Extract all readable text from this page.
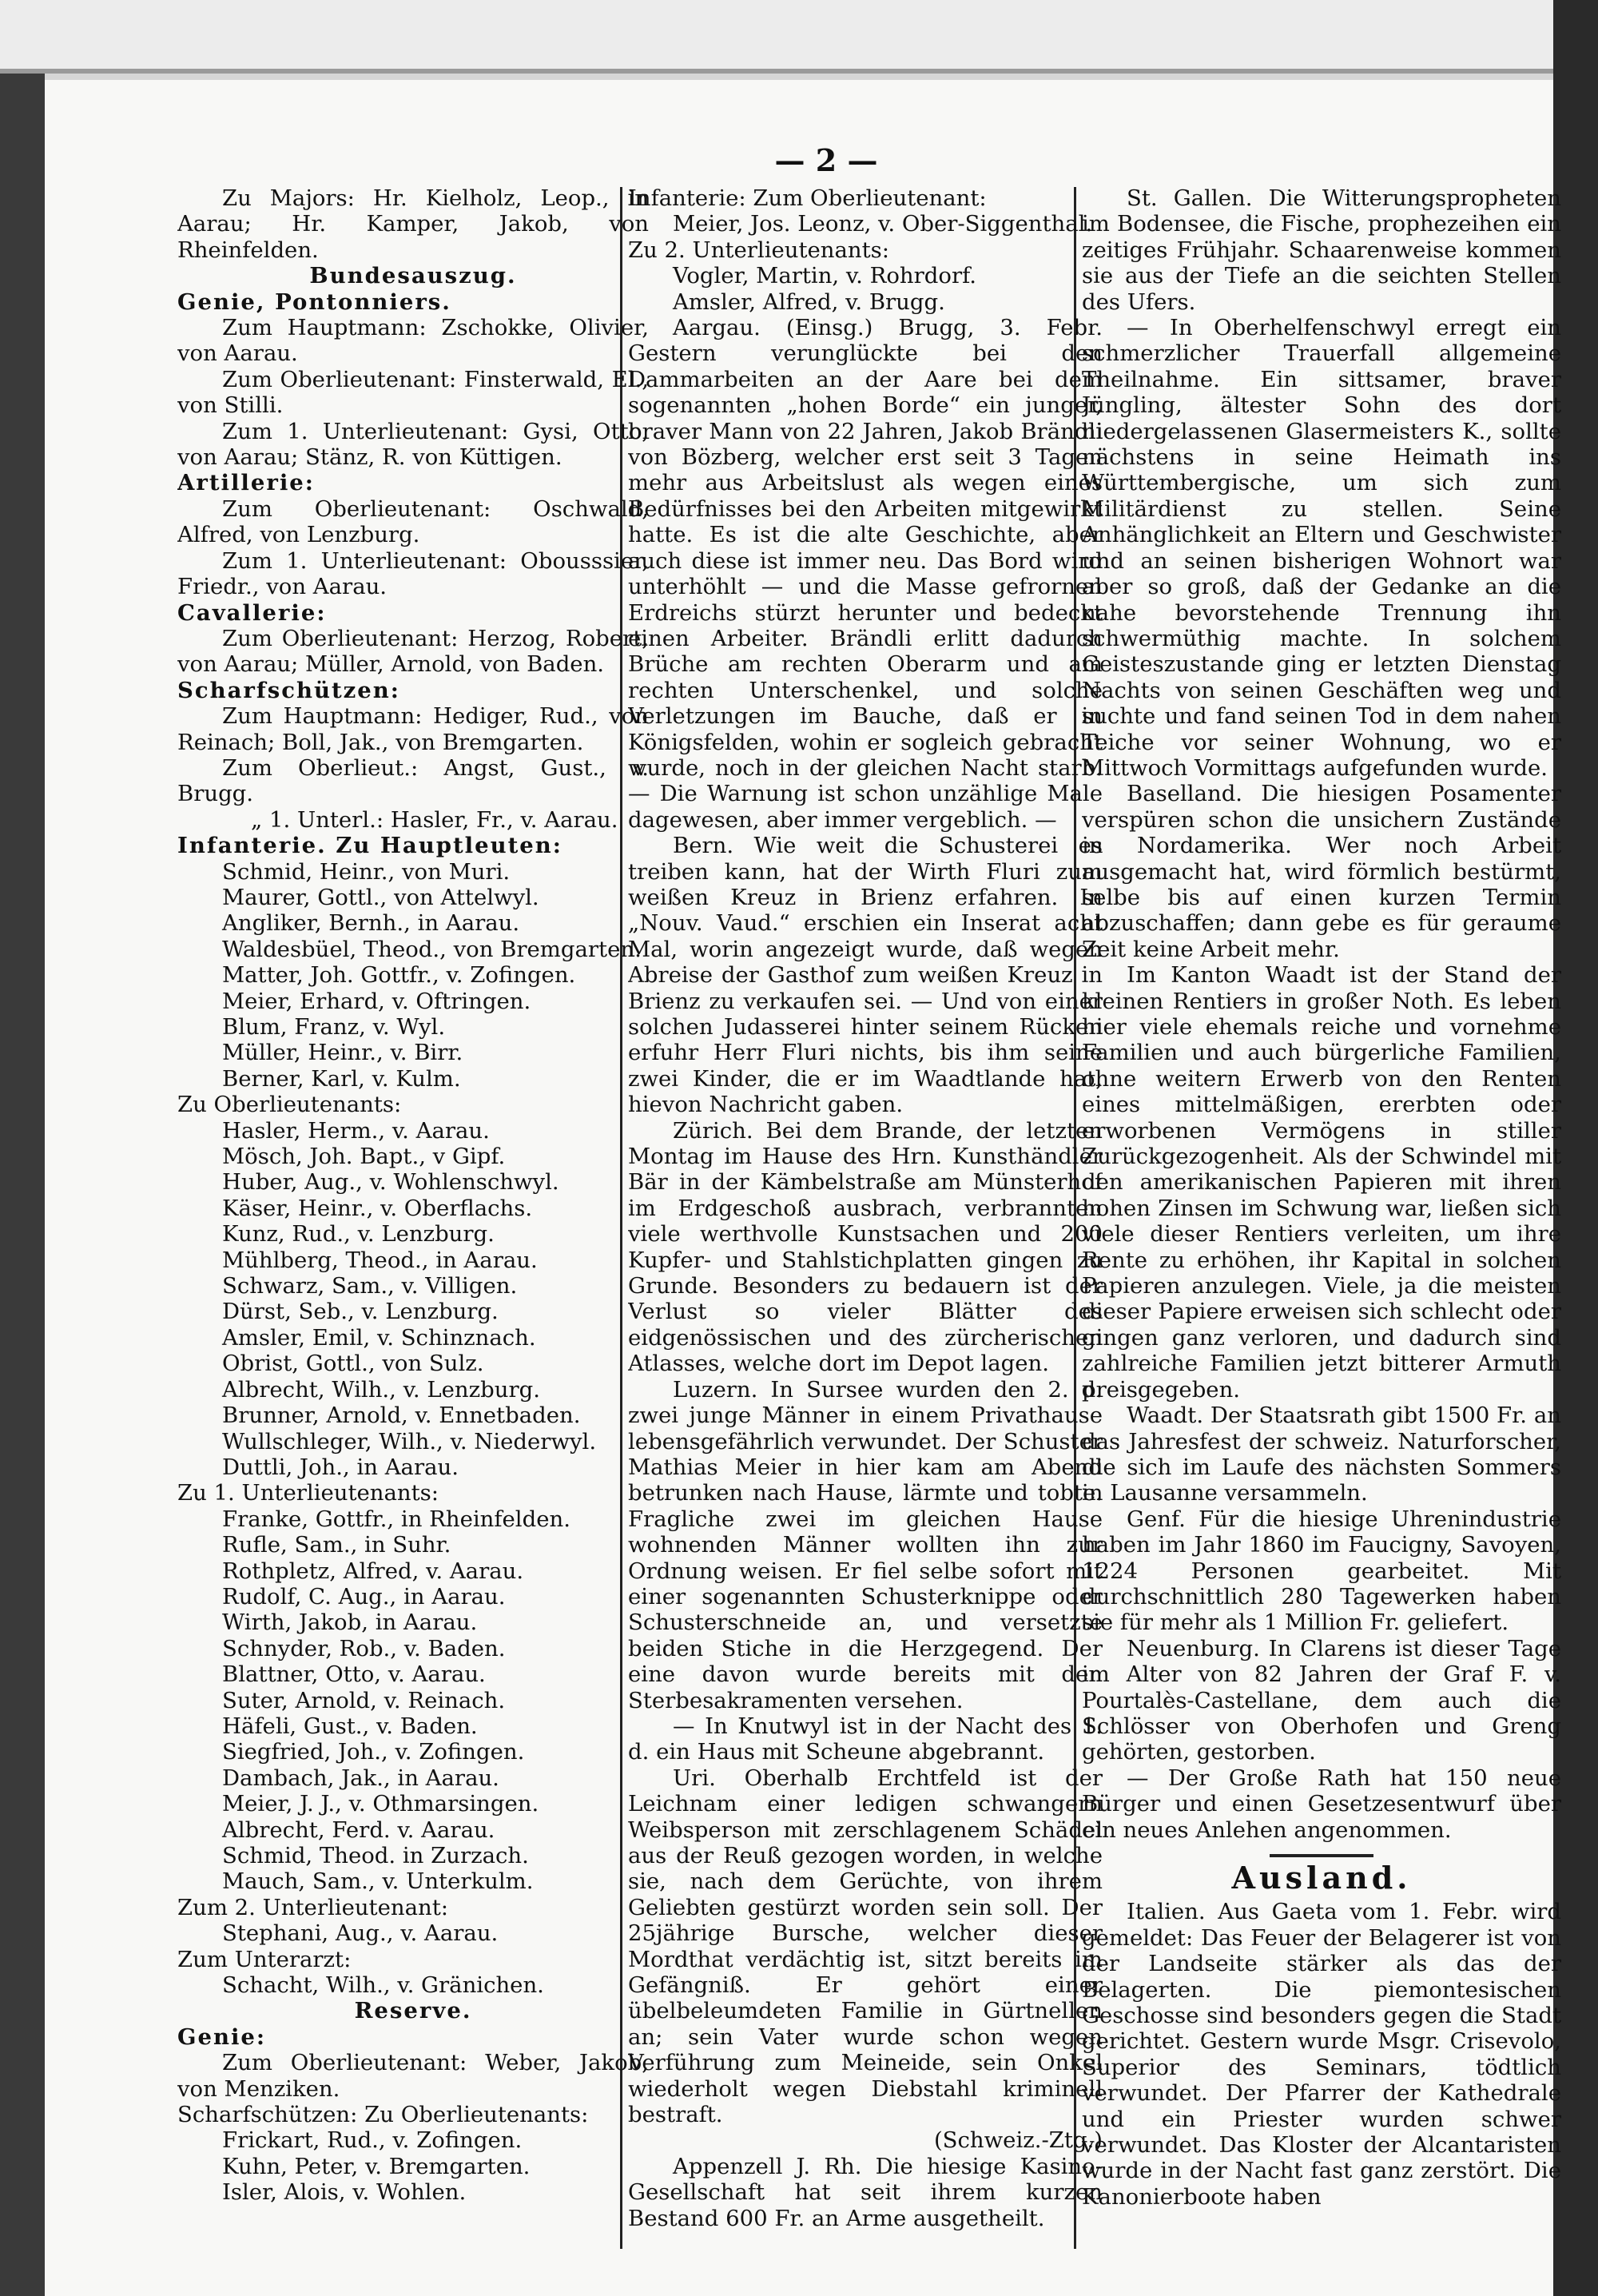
— 2 —

Zu Majors: Hr. Kielholz, Leop., in Aarau; Hr. Kamper, Jakob, von Rheinfelden.

Bundesauszug.

Genie, Pontonniers.

Zum Hauptmann: Zschokke, Olivier, von Aarau.

Zum Oberlieutenant: Finsterwald, El., von Stilli.

Zum 1. Unterlieutenant: Gysi, Otto, von Aarau; Stänz, R. von Küttigen.

Artillerie:

Zum Oberlieutenant: Oschwald, Alfred, von Lenzburg.

Zum 1. Unterlieutenant: Obousssier, Friedr., von Aarau.

Cavallerie:

Zum Oberlieutenant: Herzog, Robert, von Aarau; Müller, Arnold, von Baden.

Scharfschützen:

Zum Hauptmann: Hediger, Rud., von Reinach; Boll, Jak., von Bremgarten.

Zum Oberlieut.: Angst, Gust., v. Brugg.

„ 1. Unterl.: Hasler, Fr., v. Aarau.

Infanterie. Zu Hauptleuten:

Schmid, Heinr., von Muri.

Maurer, Gottl., von Attelwyl.

Angliker, Bernh., in Aarau.

Waldesbüel, Theod., von Bremgarten.

Matter, Joh. Gottfr., v. Zofingen.

Meier, Erhard, v. Oftringen.

Blum, Franz, v. Wyl.

Müller, Heinr., v. Birr.

Berner, Karl, v. Kulm.

Zu Oberlieutenants:

Hasler, Herm., v. Aarau.

Mösch, Joh. Bapt., v Gipf.

Huber, Aug., v. Wohlenschwyl.

Käser, Heinr., v. Oberflachs.

Kunz, Rud., v. Lenzburg.

Mühlberg, Theod., in Aarau.

Schwarz, Sam., v. Villigen.

Dürst, Seb., v. Lenzburg.

Amsler, Emil, v. Schinznach.

Obrist, Gottl., von Sulz.

Albrecht, Wilh., v. Lenzburg.

Brunner, Arnold, v. Ennetbaden.

Wullschleger, Wilh., v. Niederwyl.

Duttli, Joh., in Aarau.

Zu 1. Unterlieutenants:

Franke, Gottfr., in Rheinfelden.

Rufle, Sam., in Suhr.

Rothpletz, Alfred, v. Aarau.

Rudolf, C. Aug., in Aarau.

Wirth, Jakob, in Aarau.

Schnyder, Rob., v. Baden.

Blattner, Otto, v. Aarau.

Suter, Arnold, v. Reinach.

Häfeli, Gust., v. Baden.

Siegfried, Joh., v. Zofingen.

Dambach, Jak., in Aarau.

Meier, J. J., v. Othmarsingen.

Albrecht, Ferd. v. Aarau.

Schmid, Theod. in Zurzach.

Mauch, Sam., v. Unterkulm.

Zum 2. Unterlieutenant:

Stephani, Aug., v. Aarau.

Zum Unterarzt:

Schacht, Wilh., v. Gränichen.

Reserve.

Genie:

Zum Oberlieutenant: Weber, Jakob, von Menziken.

Scharfschützen: Zu Oberlieutenants:

Frickart, Rud., v. Zofingen.

Kuhn, Peter, v. Bremgarten.

Isler, Alois, v. Wohlen.

Infanterie: Zum Oberlieutenant:

Meier, Jos. Leonz, v. Ober-Siggenthal.

Zu 2. Unterlieutenants:

Vogler, Martin, v. Rohrdorf.

Amsler, Alfred, v. Brugg.

Aargau. (Einsg.) Brugg, 3. Febr. Gestern verunglückte bei den Dammarbeiten an der Aare bei dem sogenannten „hohen Borde“ ein junger, braver Mann von 22 Jahren, Jakob Brändli von Bözberg, welcher erst seit 3 Tagen mehr aus Arbeitslust als wegen eines Bedürfnisses bei den Arbeiten mitgewirkt hatte. Es ist die alte Geschichte, aber auch diese ist immer neu. Das Bord wird unterhöhlt — und die Masse gefrornen Erdreichs stürzt herunter und bedeckt einen Arbeiter. Brändli erlitt dadurch Brüche am rechten Oberarm und am rechten Unterschenkel, und solche Verletzungen im Bauche, daß er in Königsfelden, wohin er sogleich gebracht wurde, noch in der gleichen Nacht starb. — Die Warnung ist schon unzählige Male dagewesen, aber immer vergeblich. —

Bern. Wie weit die Schusterei es treiben kann, hat der Wirth Fluri zum weißen Kreuz in Brienz erfahren. In „Nouv. Vaud.“ erschien ein Inserat acht Mal, worin angezeigt wurde, daß wegen Abreise der Gasthof zum weißen Kreuz in Brienz zu verkaufen sei. — Und von einer solchen Judasserei hinter seinem Rücken erfuhr Herr Fluri nichts, bis ihm seine zwei Kinder, die er im Waadtlande hat, hievon Nachricht gaben.

Zürich. Bei dem Brande, der letzten Montag im Hause des Hrn. Kunsthändler Bär in der Kämbelstraße am Münsterhof im Erdgeschoß ausbrach, verbrannten viele werthvolle Kunstsachen und 200 Kupfer- und Stahlstichplatten gingen zu Grunde. Besonders zu bedauern ist der Verlust so vieler Blätter des eidgenössischen und des zürcherischen Atlasses, welche dort im Depot lagen.

Luzern. In Sursee wurden den 2. d. zwei junge Männer in einem Privathause lebensgefährlich verwundet. Der Schuster Mathias Meier in hier kam am Abend betrunken nach Hause, lärmte und tobte. Fragliche zwei im gleichen Hause wohnenden Männer wollten ihn zur Ordnung weisen. Er fiel selbe sofort mit einer sogenannten Schusterknippe oder Schusterschneide an, und versetzte beiden Stiche in die Herzgegend. Der eine davon wurde bereits mit den Sterbesakramenten versehen.

— In Knutwyl ist in der Nacht des 1. d. ein Haus mit Scheune abgebrannt.

Uri. Oberhalb Erchtfeld ist der Leichnam einer ledigen schwangern Weibsperson mit zerschlagenem Schädel aus der Reuß gezogen worden, in welche sie, nach dem Gerüchte, von ihrem Geliebten gestürzt worden sein soll. Der 25jährige Bursche, welcher dieser Mordthat verdächtig ist, sitzt bereits im Gefängniß. Er gehört einer übelbeleumdeten Familie in Gürtnellen an; sein Vater wurde schon wegen Verführung zum Meineide, sein Onkel wiederholt wegen Diebstahl kriminell bestraft.

(Schweiz.-Ztg.)

Appenzell J. Rh. Die hiesige Kasino-Gesellschaft hat seit ihrem kurzen Bestand 600 Fr. an Arme ausgetheilt.

St. Gallen. Die Witterungspropheten im Bodensee, die Fische, prophezeihen ein zeitiges Frühjahr. Schaarenweise kommen sie aus der Tiefe an die seichten Stellen des Ufers.

— In Oberhelfenschwyl erregt ein schmerzlicher Trauerfall allgemeine Theilnahme. Ein sittsamer, braver Jüngling, ältester Sohn des dort niedergelassenen Glasermeisters K., sollte nächstens in seine Heimath ins Württembergische, um sich zum Militärdienst zu stellen. Seine Anhänglichkeit an Eltern und Geschwister und an seinen bisherigen Wohnort war aber so groß, daß der Gedanke an die nahe bevorstehende Trennung ihn schwermüthig machte. In solchem Geisteszustande ging er letzten Dienstag Nachts von seinen Geschäften weg und suchte und fand seinen Tod in dem nahen Teiche vor seiner Wohnung, wo er Mittwoch Vormittags aufgefunden wurde.

Baselland. Die hiesigen Posamenter verspüren schon die unsichern Zustände in Nordamerika. Wer noch Arbeit ausgemacht hat, wird förmlich bestürmt, selbe bis auf einen kurzen Termin abzuschaffen; dann gebe es für geraume Zeit keine Arbeit mehr.

Im Kanton Waadt ist der Stand der kleinen Rentiers in großer Noth. Es leben hier viele ehemals reiche und vornehme Familien und auch bürgerliche Familien, ohne weitern Erwerb von den Renten eines mittelmäßigen, ererbten oder erworbenen Vermögens in stiller Zurückgezogenheit. Als der Schwindel mit den amerikanischen Papieren mit ihren hohen Zinsen im Schwung war, ließen sich viele dieser Rentiers verleiten, um ihre Rente zu erhöhen, ihr Kapital in solchen Papieren anzulegen. Viele, ja die meisten dieser Papiere erweisen sich schlecht oder gingen ganz verloren, und dadurch sind zahlreiche Familien jetzt bitterer Armuth preisgegeben.

Waadt. Der Staatsrath gibt 1500 Fr. an das Jahresfest der schweiz. Naturforscher, die sich im Laufe des nächsten Sommers in Lausanne versammeln.

Genf. Für die hiesige Uhrenindustrie haben im Jahr 1860 im Faucigny, Savoyen, 1224 Personen gearbeitet. Mit durchschnittlich 280 Tagewerken haben sie für mehr als 1 Million Fr. geliefert.

Neuenburg. In Clarens ist dieser Tage im Alter von 82 Jahren der Graf F. v. Pourtalès-Castellane, dem auch die Schlösser von Oberhofen und Greng gehörten, gestorben.

— Der Große Rath hat 150 neue Bürger und einen Gesetzesentwurf über ein neues Anlehen angenommen.

Ausland.

Italien. Aus Gaeta vom 1. Febr. wird gemeldet: Das Feuer der Belagerer ist von der Landseite stärker als das der Belagerten. Die piemontesischen Geschosse sind besonders gegen die Stadt gerichtet. Gestern wurde Msgr. Crisevolo, Superior des Seminars, tödtlich verwundet. Der Pfarrer der Kathedrale und ein Priester wurden schwer verwundet. Das Kloster der Alcantaristen wurde in der Nacht fast ganz zerstört. Die Kanonierboote haben
